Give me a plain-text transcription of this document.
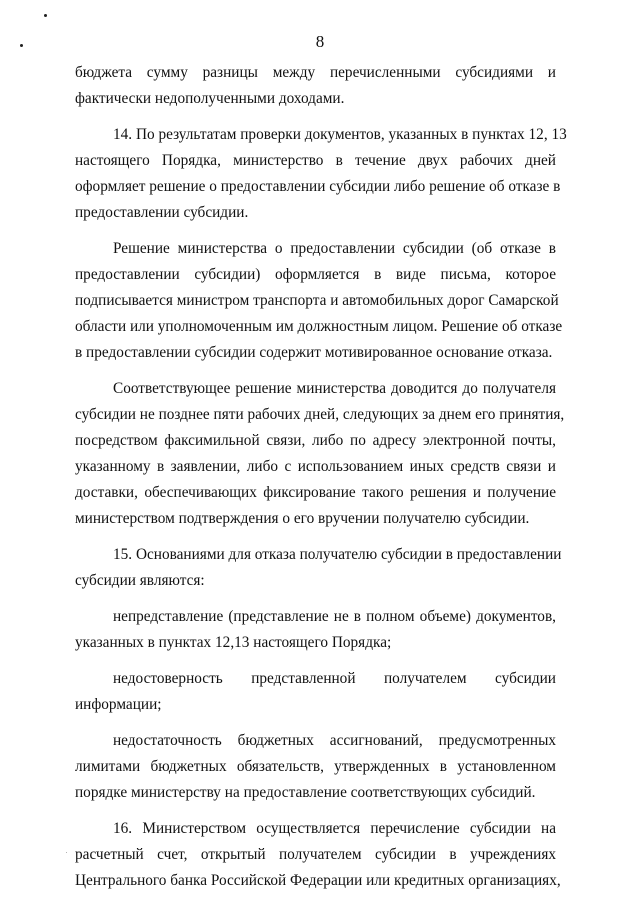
8

бюджета сумму разницы между перечисленными субсидиями и
фактически недополученными доходами.

14. По результатам проверки документов, указанных в пунктах 12, 13
настоящего Порядка, министерство в течение двух рабочих дней
оформляет решение о предоставлении субсидии либо решение об отказе в
предоставлении субсидии.

Решение министерства о предоставлении субсидии (об отказе в
предоставлении субсидии) оформляется в виде письма, которое
подписывается министром транспорта и автомобильных дорог Самарской
области или уполномоченным им должностным лицом. Решение об отказе
в предоставлении субсидии содержит мотивированное основание отказа.

Соответствующее решение министерства доводится до получателя
субсидии не позднее пяти рабочих дней, следующих за днем его принятия,
посредством факсимильной связи, либо по адресу электронной почты,
указанному в заявлении, либо с использованием иных средств связи и
доставки, обеспечивающих фиксирование такого решения и получение
министерством подтверждения о его вручении получателю субсидии.

15. Основаниями для отказа получателю субсидии в предоставлении
субсидии являются:

непредставление (представление не в полном объеме) документов,
указанных в пунктах 12,13 настоящего Порядка;

недостоверность представленной получателем субсидии
информации;

недостаточность бюджетных ассигнований, предусмотренных
лимитами бюджетных обязательств, утвержденных в установленном
порядке министерству на предоставление соответствующих субсидий.

16. Министерством осуществляется перечисление субсидии на
расчетный счет, открытый получателем субсидии в учреждениях
Центрального банка Российской Федерации или кредитных организациях,
